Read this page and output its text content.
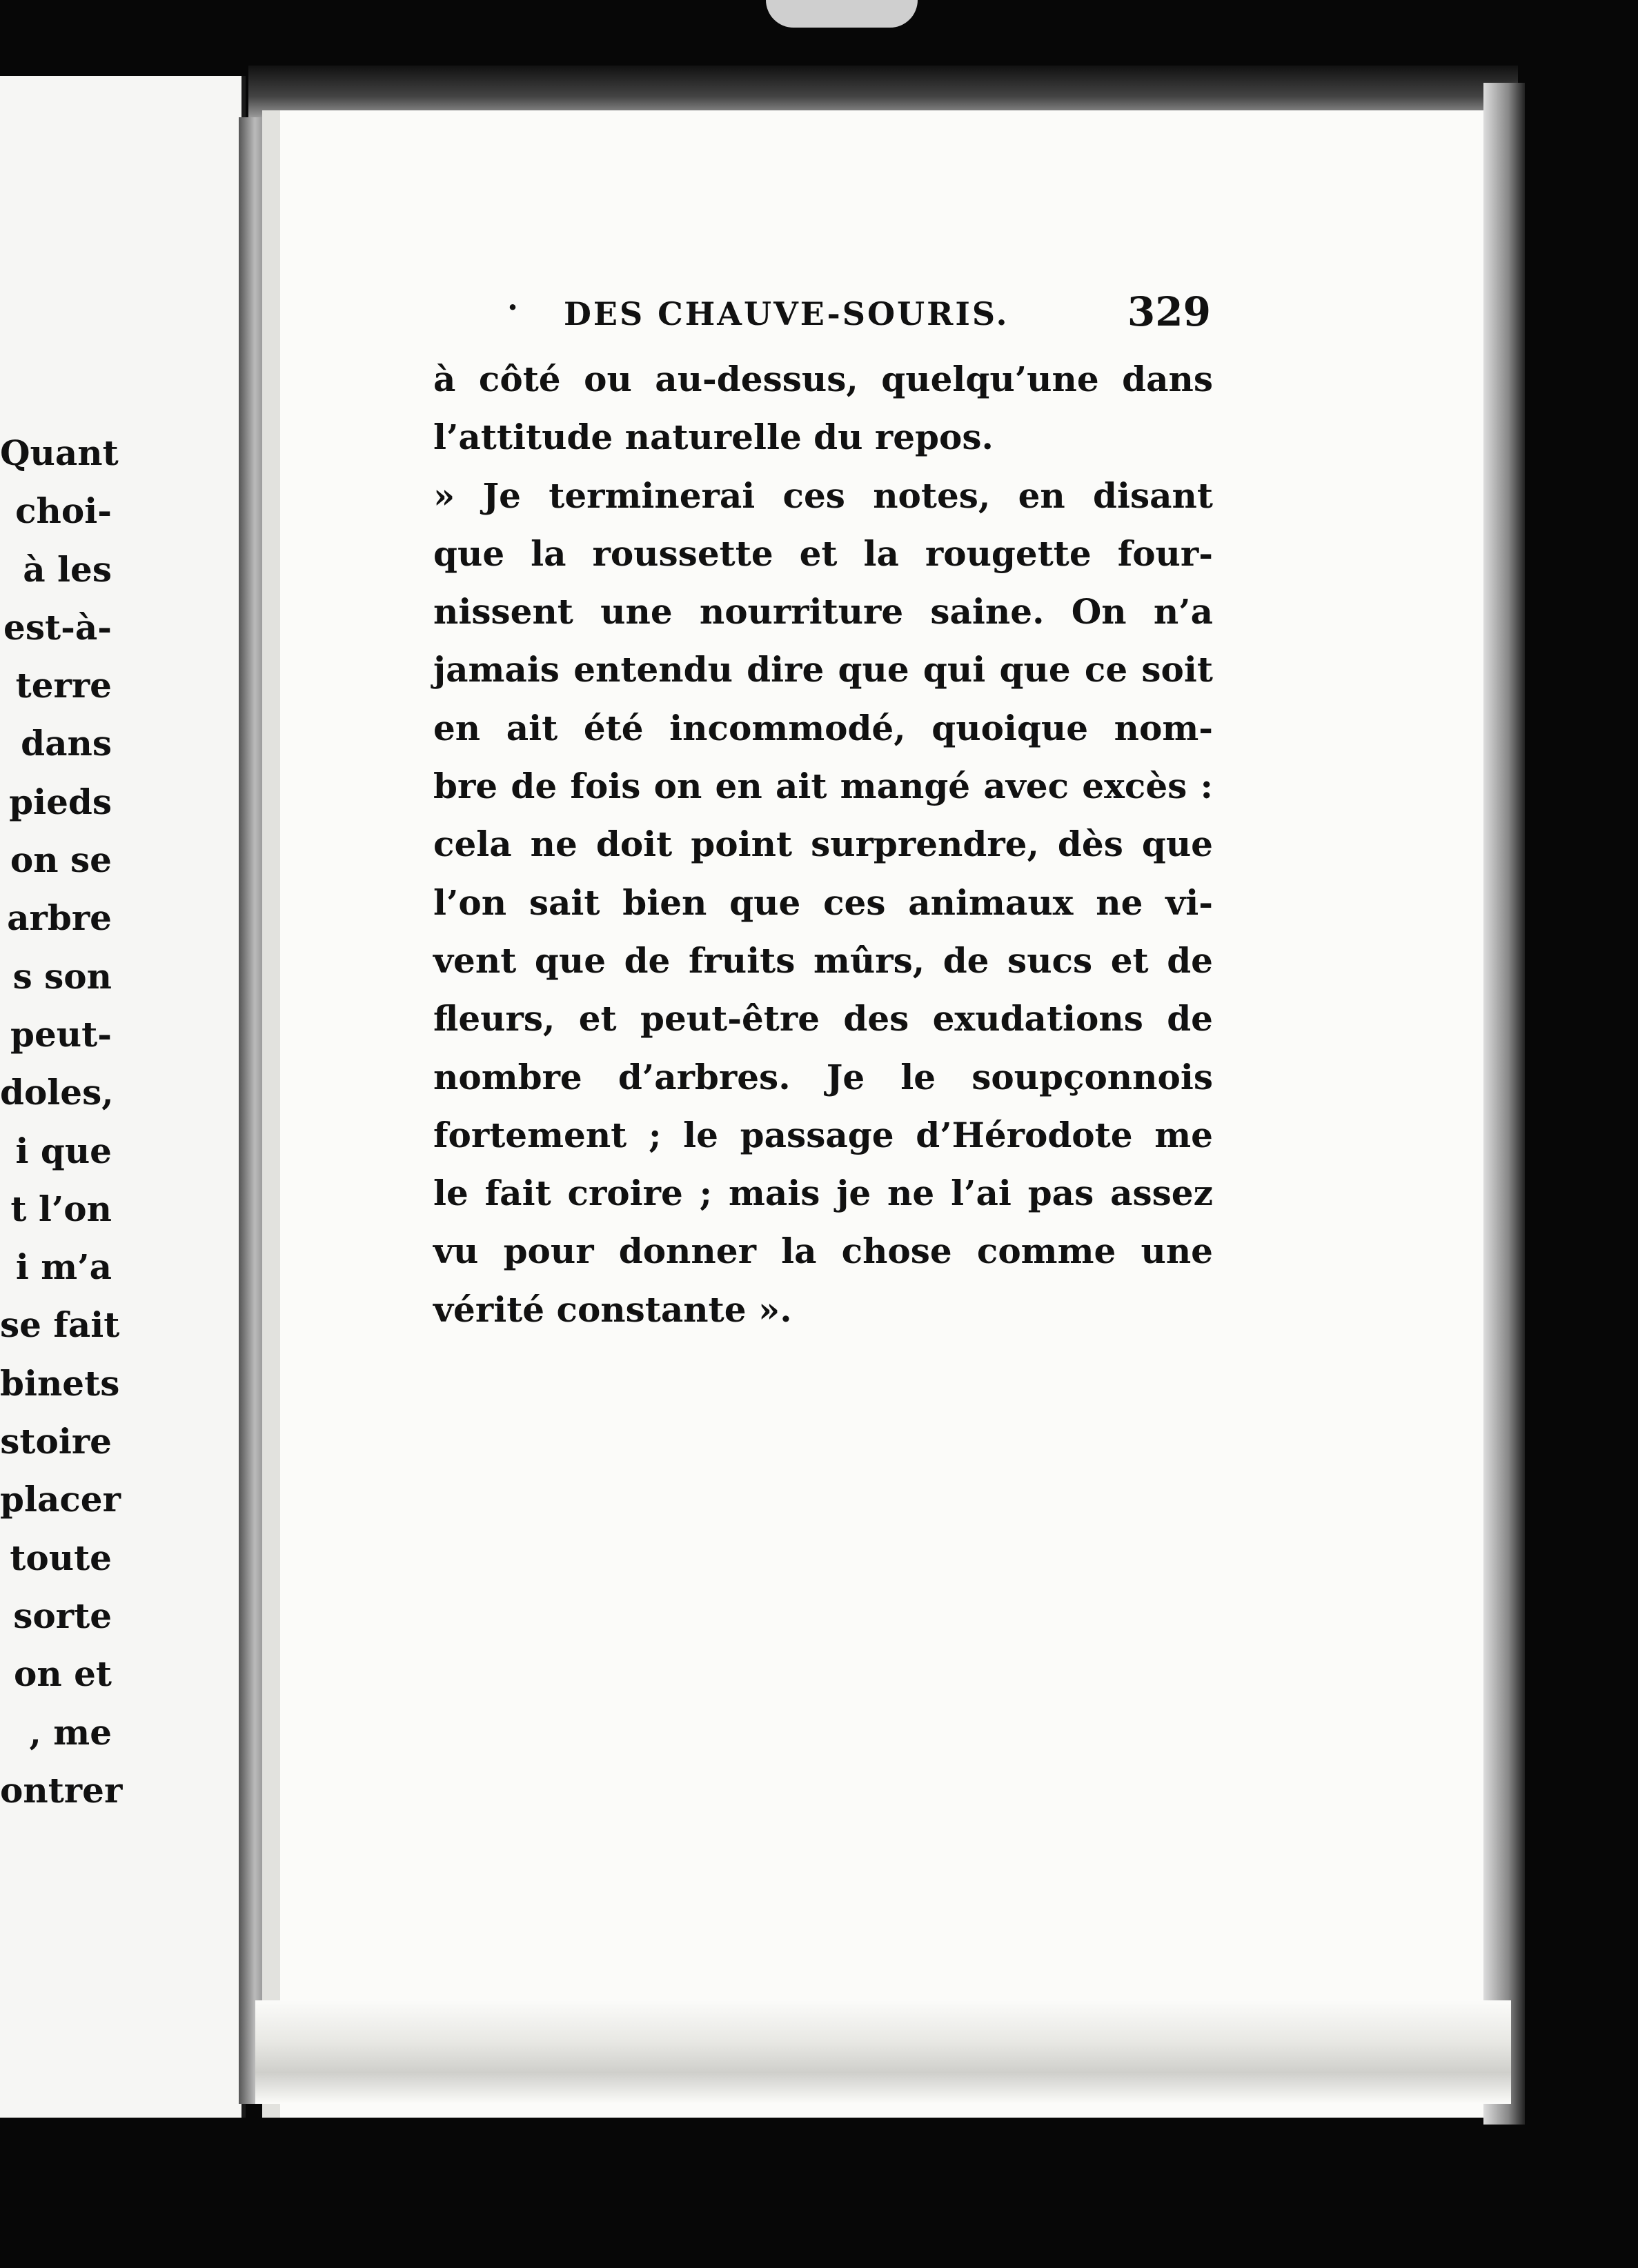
Quant
choi-
à les
est-à-
terre
dans
pieds
on se
arbre
s son
peut-
doles,
i que
t l’on
i m’a
se fait
binets
stoire
placer
toute
sorte
on et
, me
ontrer
· DES CHAUVE-SOURIS.	329
à côté ou au-dessus, quelqu’une dans
l’attitude naturelle du repos.
» Je terminerai ces notes, en disant
que la roussette et la rougette four-
nissent une nourriture saine. On n’a
jamais entendu dire que qui que ce soit
en ait été incommodé, quoique nom-
bre de fois on en ait mangé avec excès :
cela ne doit point surprendre, dès que
l’on sait bien que ces animaux ne vi-
vent que de fruits mûrs, de sucs et de
fleurs, et peut-être des exudations de
nombre d’arbres. Je le soupçonnois
fortement ; le passage d’Hérodote me
le fait croire ; mais je ne l’ai pas assez
vu pour donner la chose comme une
vérité constante ».
